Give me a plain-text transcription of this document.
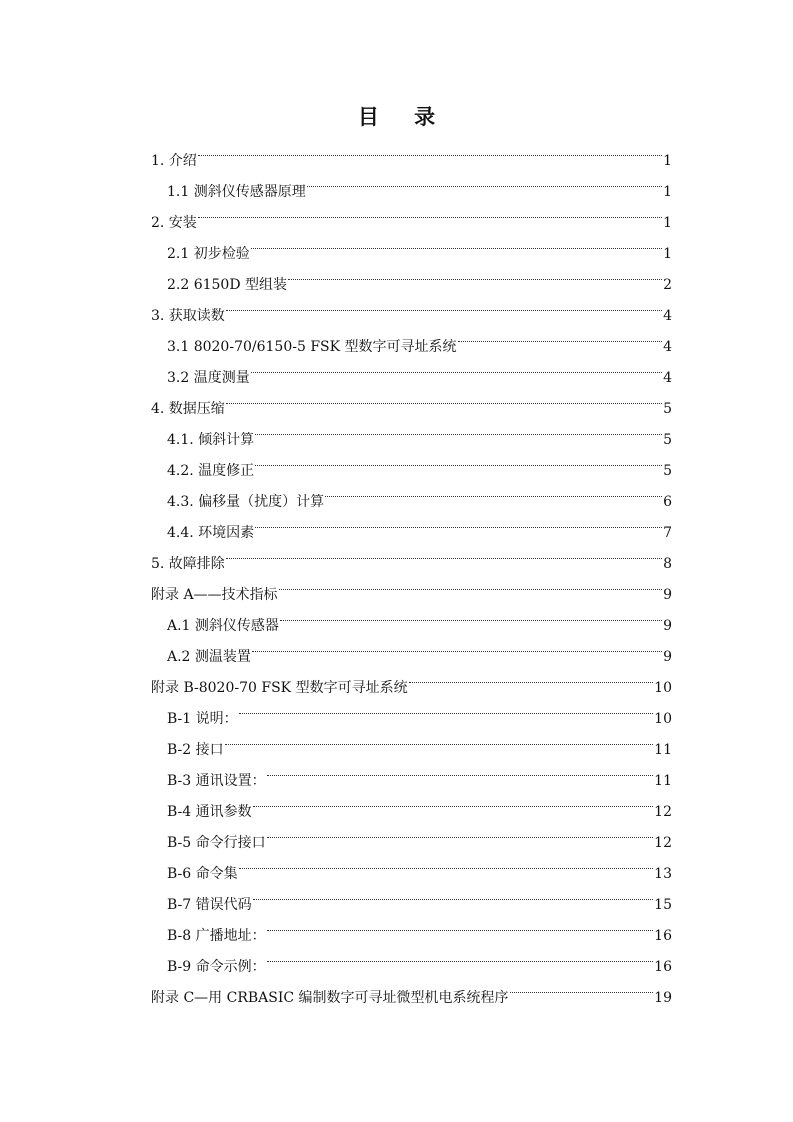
目 录
1. 介绍	1
1.1 测斜仪传感器原理	1
2. 安装	1
2.1 初步检验	1
2.2 6150D 型组装	2
3. 获取读数	4
3.1 8020-70/6150-5 FSK 型数字可寻址系统	4
3.2 温度测量	4
4. 数据压缩	5
4.1. 倾斜计算	5
4.2. 温度修正	5
4.3. 偏移量（扰度）计算	6
4.4. 环境因素	7
5. 故障排除	8
附录 A——技术指标	9
A.1 测斜仪传感器	9
A.2 测温装置	9
附录 B-8020-70 FSK 型数字可寻址系统	10
B-1 说明：	10
B-2 接口	11
B-3 通讯设置：	11
B-4 通讯参数	12
B-5 命令行接口	12
B-6 命令集	13
B-7 错误代码	15
B-8 广播地址：	16
B-9 命令示例：	16
附录 C—用 CRBASIC 编制数字可寻址微型机电系统程序	19
